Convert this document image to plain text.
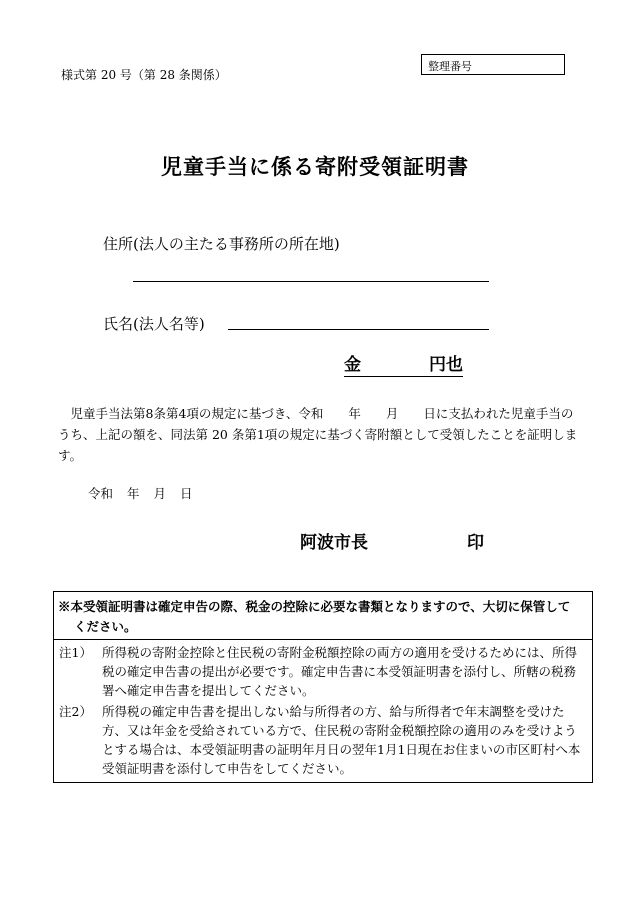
様式第 20 号（第 28 条関係）
整理番号
児童手当に係る寄附受領証明書
住所(法人の主たる事務所の所在地)
氏名(法人名等)
金	円也
児童手当法第8条第4項の規定に基づき、令和　　年　　月　　日に支払われた児童手当のうち、上記の額を、同法第 20 条第1項の規定に基づく寄附額として受領したことを証明します。
令和 年 月 日
阿波市長	印
※本受領証明書は確定申告の際、税金の控除に必要な書類となりますので、大切に保管して
ください。
注1） 所得税の寄附金控除と住民税の寄附金税額控除の両方の適用を受けるためには、所得税の確定申告書の提出が必要です。確定申告書に本受領証明書を添付し、所轄の税務署へ確定申告書を提出してください。
注2） 所得税の確定申告書を提出しない給与所得者の方、給与所得者で年末調整を受けた方、又は年金を受給されている方で、住民税の寄附金税額控除の適用のみを受けようとする場合は、本受領証明書の証明年月日の翌年1月1日現在お住まいの市区町村へ本受領証明書を添付して申告をしてください。
